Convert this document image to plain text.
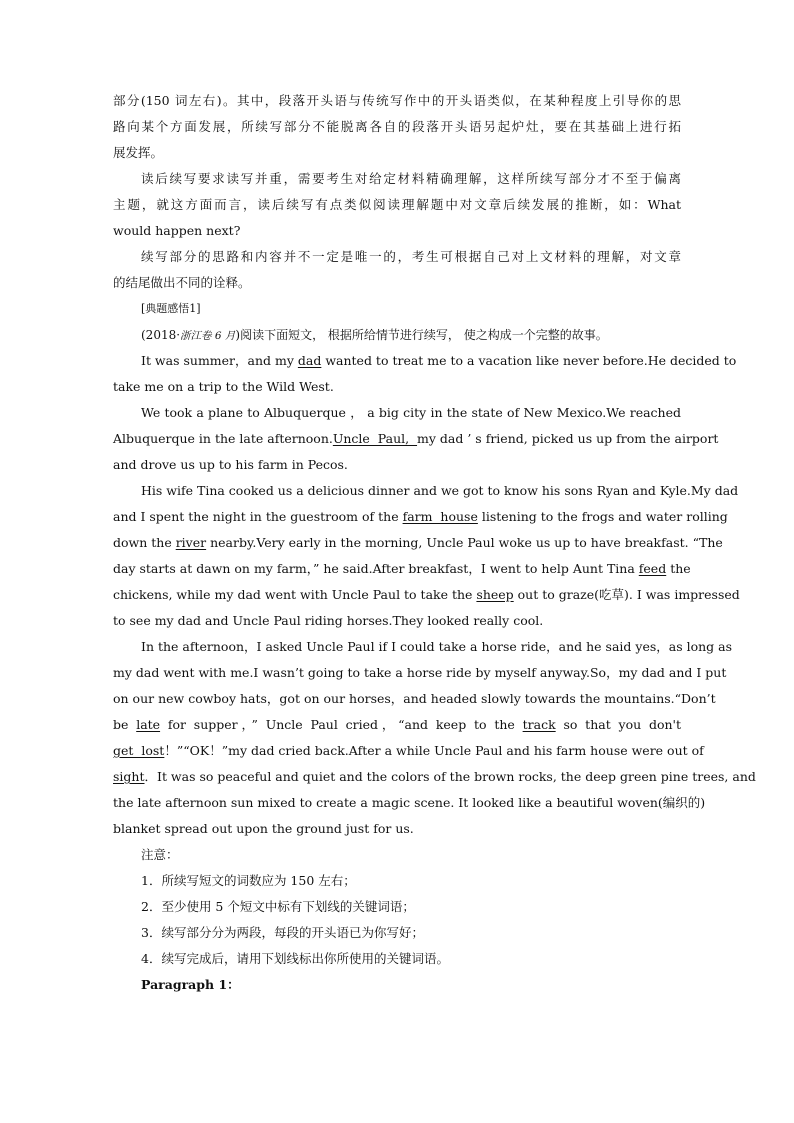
部分(150 词左右)。其中，段落开头语与传统写作中的开头语类似，在某种程度上引导你的思
路向某个方面发展，所续写部分不能脱离各自的段落开头语另起炉灶，要在其基础上进行拓
展发挥。
读后续写要求读写并重，需要考生对给定材料精确理解，这样所续写部分才不至于偏离
主题，就这方面而言，读后续写有点类似阅读理解题中对文章后续发展的推断，如：What
would happen next?
续写部分的思路和内容并不一定是唯一的，考生可根据自己对上文材料的理解，对文章
的结尾做出不同的诠释。
[典题感悟1]
(2018·浙江卷 6 月)阅读下面短文， 根据所给情节进行续写， 使之构成一个完整的故事。
It was summer，and my dad wanted to treat me to a vacation like never before.He decided to
take me on a trip to the Wild West.
We took a plane to Albuquerque ， a big city in the state of New Mexico.We reached
Albuquerque in the late afternoon.Uncle  Paul,  my dad ’ s friend, picked us up from the airport
and drove us up to his farm in Pecos.
His wife Tina cooked us a delicious dinner and we got to know his sons Ryan and Kyle.My dad
and I spent the night in the guestroom of the farm  house listening to the frogs and water rolling
down the river nearby.Very early in the morning, Uncle Paul woke us up to have breakfast. “The
day starts at dawn on my farm，” he said.After breakfast，I went to help Aunt Tina feed the
chickens, while my dad went with Uncle Paul to take the sheep out to graze(吃草). I was impressed
to see my dad and Uncle Paul riding horses.They looked really cool.
In the afternoon，I asked Uncle Paul if I could take a horse ride，and he said yes，as long as
my dad went with me.I wasn’t going to take a horse ride by myself anyway.So，my dad and I put
on our new cowboy hats，got on our horses，and headed slowly towards the mountains.“Don’t
be late for supper，” Uncle Paul cried，“and keep to the track so that you don't
get  lost！”“OK！”my dad cried back.After a while Uncle Paul and his farm house were out of
sight．It was so peaceful and quiet and the colors of the brown rocks, the deep green pine trees, and
the late afternoon sun mixed to create a magic scene. It looked like a beautiful woven(编织的)
blanket spread out upon the ground just for us.
注意：
1．所续写短文的词数应为 150 左右；
2．至少使用 5 个短文中标有下划线的关键词语；
3．续写部分分为两段，每段的开头语已为你写好；
4．续写完成后，请用下划线标出你所使用的关键词语。
Paragraph 1：
